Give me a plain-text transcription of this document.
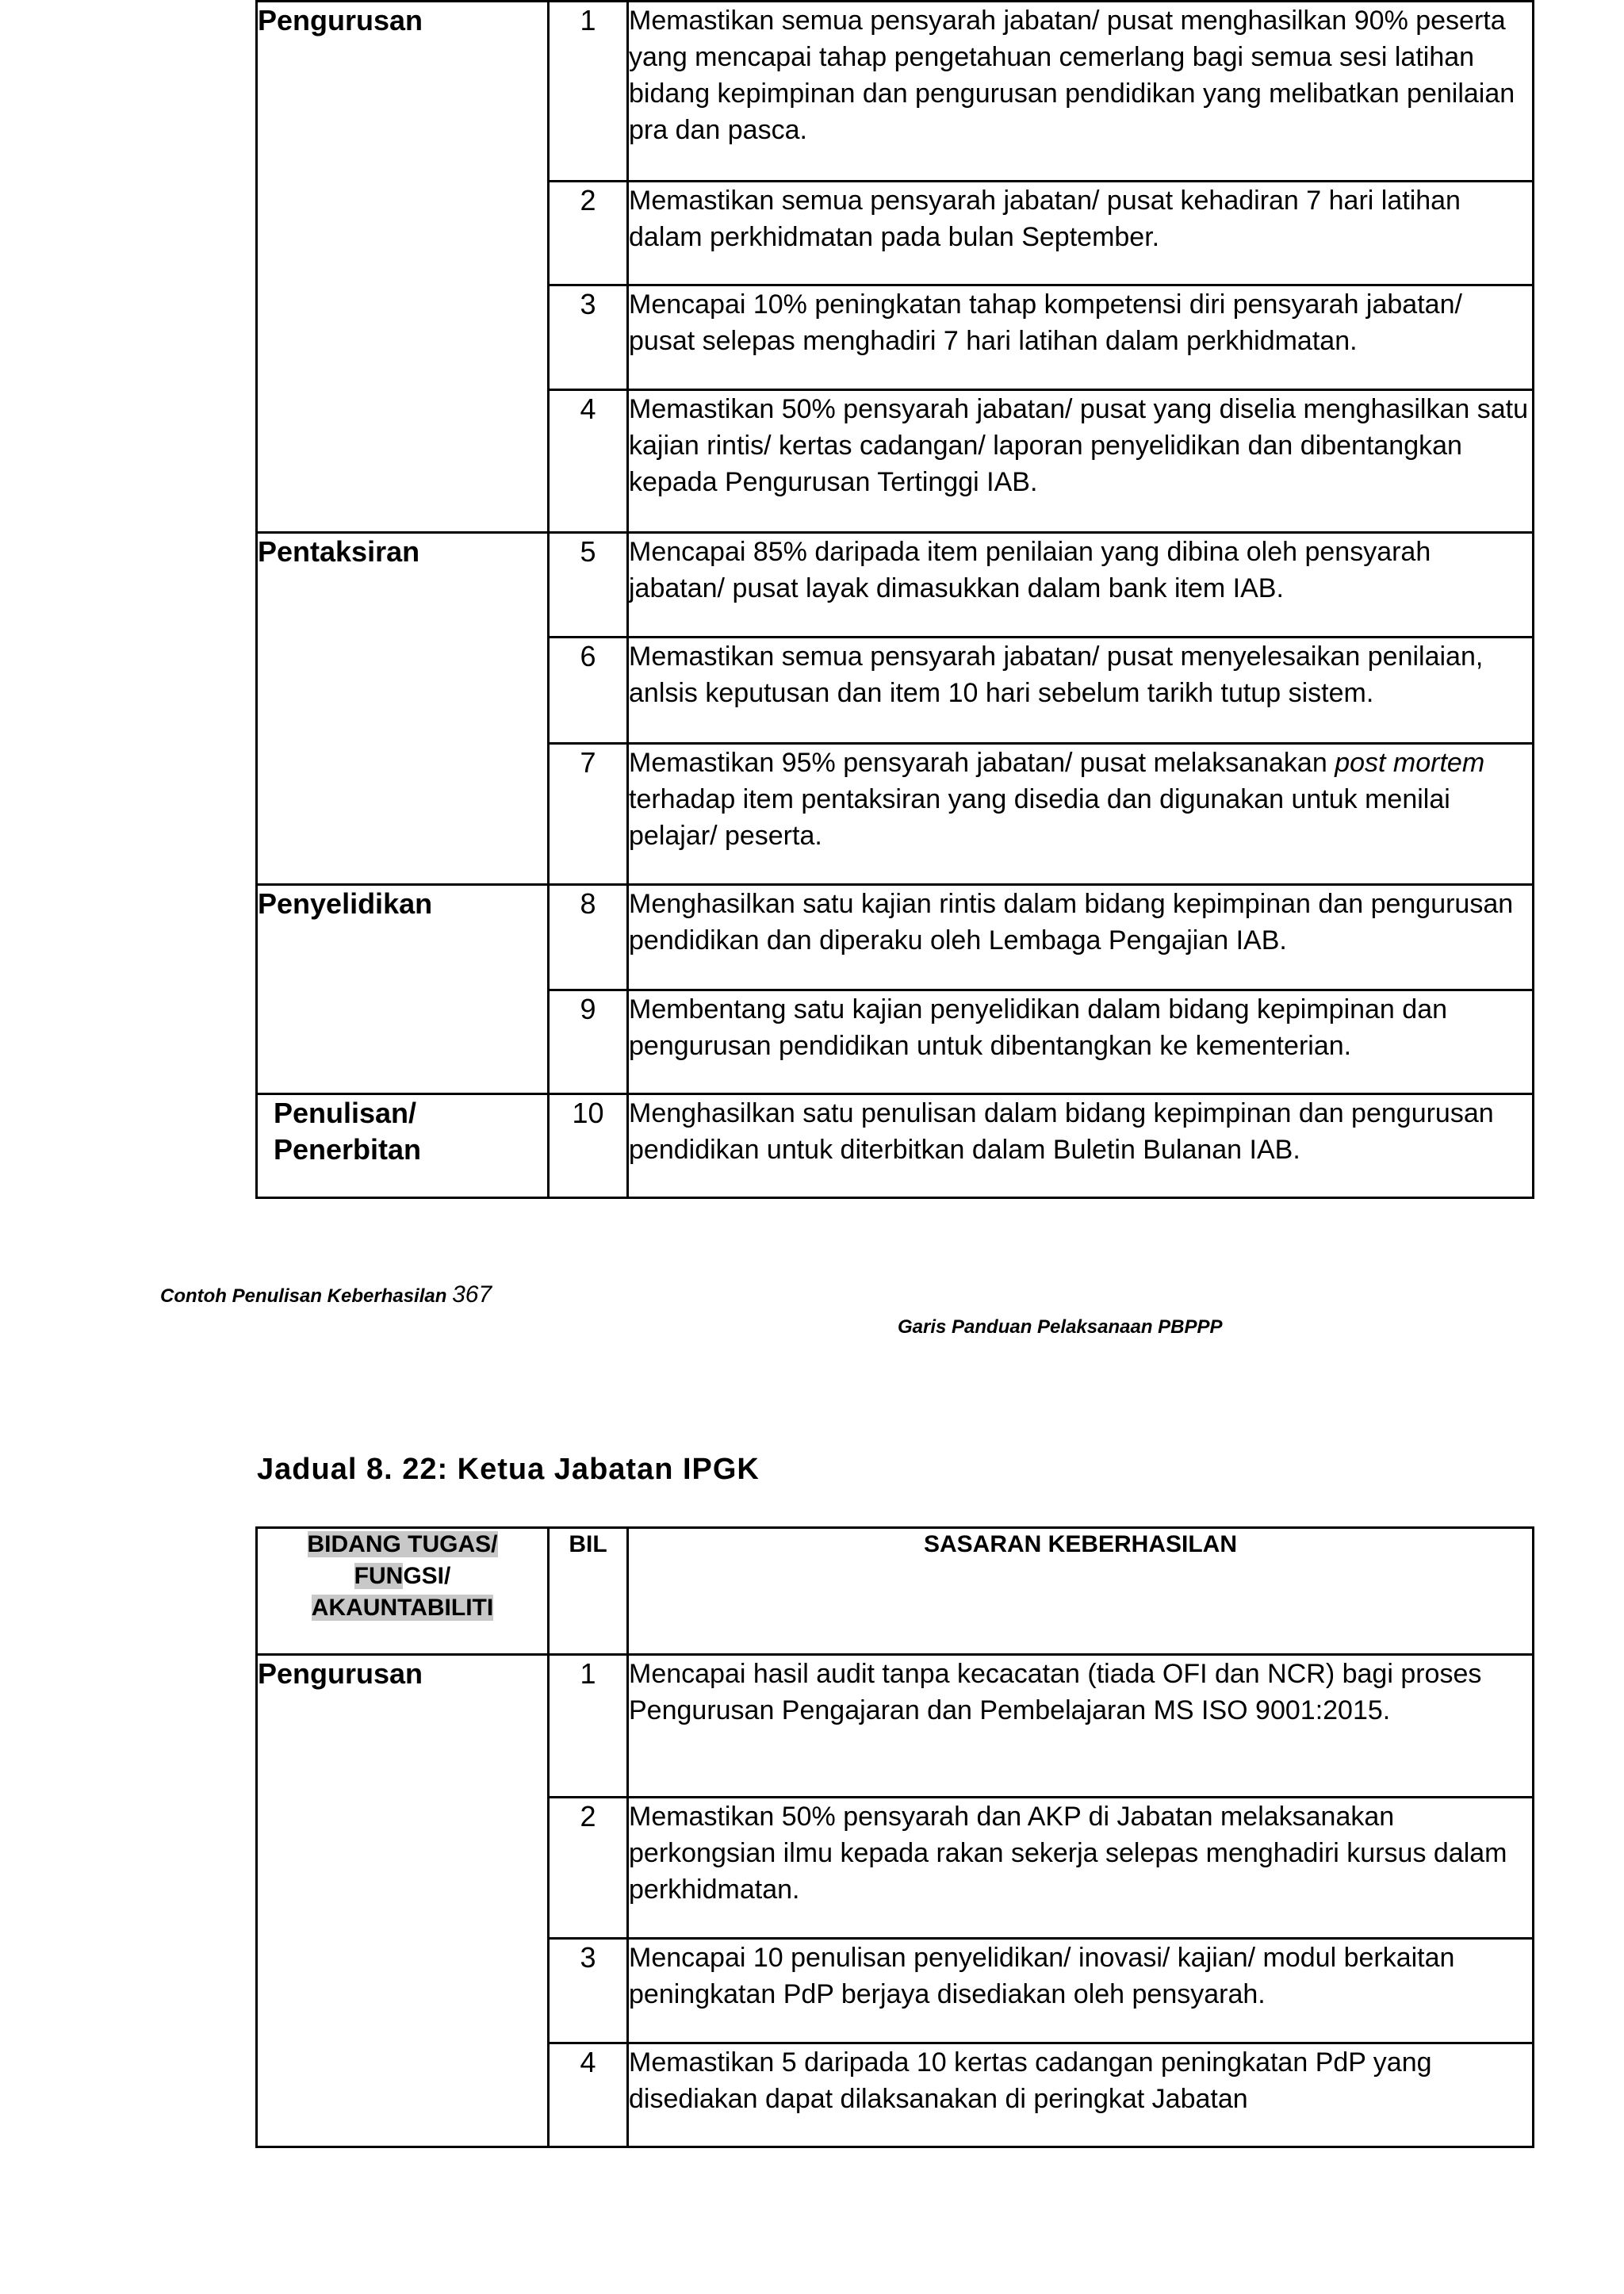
Pengurusan	1	Memastikan semua pensyarah jabatan/ pusat menghasilkan 90% peserta yang mencapai tahap pengetahuan cemerlang bagi semua sesi latihan bidang kepimpinan dan pengurusan pendidikan yang melibatkan penilaian pra dan pasca.
	2	Memastikan semua pensyarah jabatan/ pusat kehadiran 7 hari latihan dalam perkhidmatan pada bulan September.
	3	Mencapai 10% peningkatan tahap kompetensi diri pensyarah jabatan/ pusat selepas menghadiri 7 hari latihan dalam perkhidmatan.
	4	Memastikan 50% pensyarah jabatan/ pusat yang diselia menghasilkan satu kajian rintis/ kertas cadangan/ laporan penyelidikan dan dibentangkan kepada Pengurusan Tertinggi IAB.
Pentaksiran	5	Mencapai 85% daripada item penilaian yang dibina oleh pensyarah jabatan/ pusat layak dimasukkan dalam bank item IAB.
	6	Memastikan semua pensyarah jabatan/ pusat menyelesaikan penilaian, anlsis keputusan dan item 10 hari sebelum tarikh tutup sistem.
	7	Memastikan 95% pensyarah jabatan/ pusat melaksanakan post mortem terhadap item pentaksiran yang disedia dan digunakan untuk menilai pelajar/ peserta.
Penyelidikan	8	Menghasilkan satu kajian rintis dalam bidang kepimpinan dan pengurusan pendidikan dan diperaku oleh Lembaga Pengajian IAB.
	9	Membentang satu kajian penyelidikan dalam bidang kepimpinan dan pengurusan pendidikan untuk dibentangkan ke kementerian.
Penulisan/ Penerbitan	10	Menghasilkan satu penulisan dalam bidang kepimpinan dan pengurusan pendidikan untuk diterbitkan dalam Buletin Bulanan IAB.
Contoh Penulisan Keberhasilan 367
Garis Panduan Pelaksanaan PBPPP
Jadual 8. 22: Ketua Jabatan IPGK
BIDANG TUGAS/
FUNGSI/
AKAUNTABILITI	BIL	SASARAN KEBERHASILAN
Pengurusan	1	Mencapai hasil audit tanpa kecacatan (tiada OFI dan NCR) bagi proses Pengurusan Pengajaran dan Pembelajaran MS ISO 9001:2015.
	2	Memastikan 50% pensyarah dan AKP di Jabatan melaksanakan perkongsian ilmu kepada rakan sekerja selepas menghadiri kursus dalam perkhidmatan.
	3	Mencapai 10 penulisan penyelidikan/ inovasi/ kajian/ modul berkaitan peningkatan PdP berjaya disediakan oleh pensyarah.
	4	Memastikan 5 daripada 10 kertas cadangan peningkatan PdP yang disediakan dapat dilaksanakan di peringkat Jabatan
